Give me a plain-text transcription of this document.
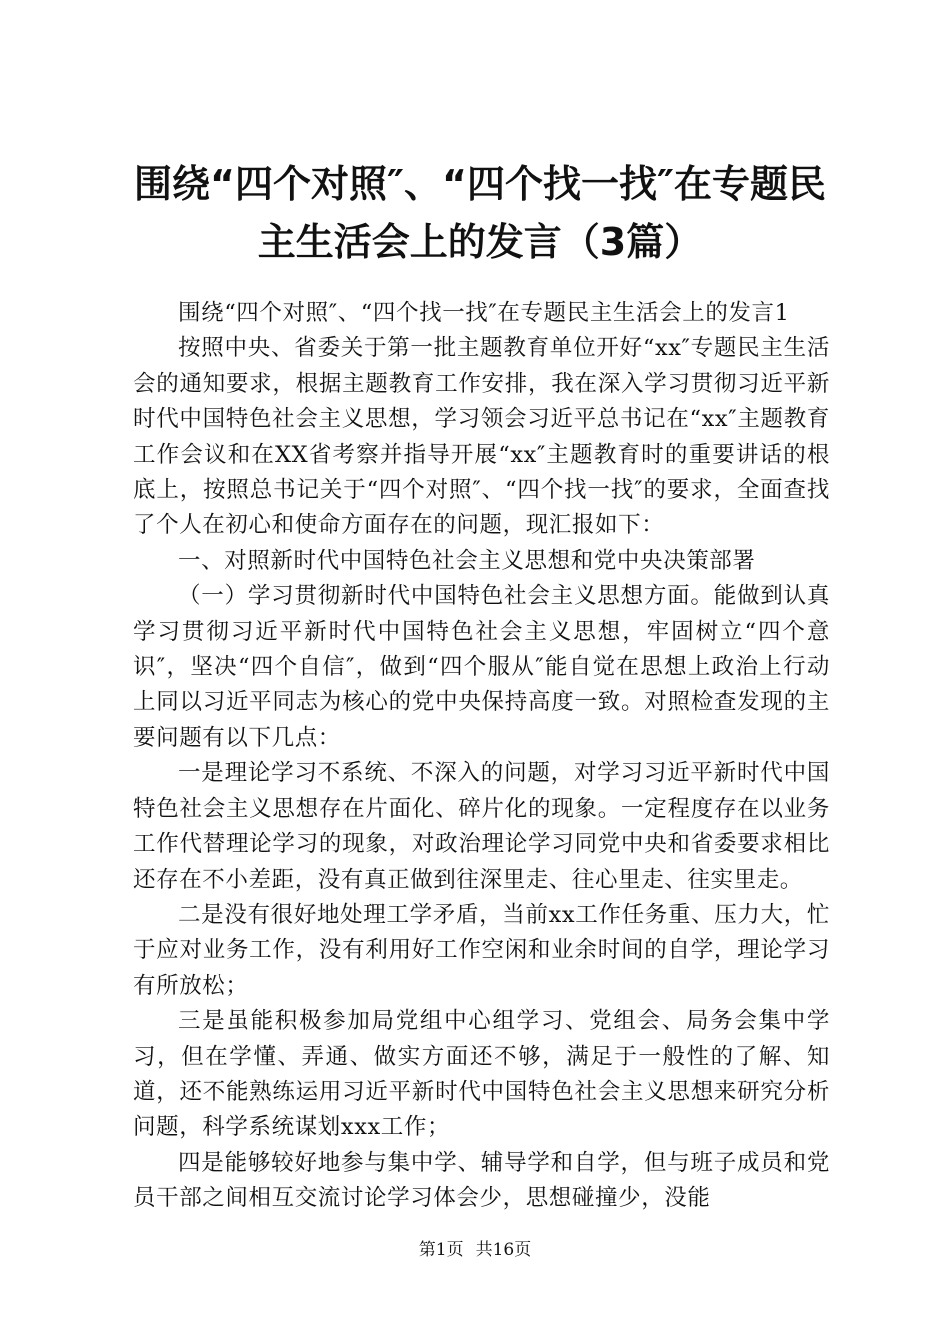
围绕“四个对照″、“四个找一找″在专题民
主生活会上的发言（3篇）

围绕“四个对照″、“四个找一找″在专题民主生活会上的发言1

按照中央、省委关于第一批主题教育单位开好“xx″专题民主生活会的通知要求，根据主题教育工作安排，我在深入学习贯彻习近平新时代中国特色社会主义思想，学习领会习近平总书记在“xx″主题教育工作会议和在XX省考察并指导开展“xx″主题教育时的重要讲话的根底上，按照总书记关于“四个对照″、“四个找一找″的要求，全面查找了个人在初心和使命方面存在的问题，现汇报如下：

一、对照新时代中国特色社会主义思想和党中央决策部署

（一）学习贯彻新时代中国特色社会主义思想方面。能做到认真学习贯彻习近平新时代中国特色社会主义思想，牢固树立“四个意识″，坚决“四个自信″，做到“四个服从″能自觉在思想上政治上行动上同以习近平同志为核心的党中央保持高度一致。对照检查发现的主要问题有以下几点：

一是理论学习不系统、不深入的问题，对学习习近平新时代中国特色社会主义思想存在片面化、碎片化的现象。一定程度存在以业务工作代替理论学习的现象，对政治理论学习同党中央和省委要求相比还存在不小差距，没有真正做到往深里走、往心里走、往实里走。

二是没有很好地处理工学矛盾，当前xx工作任务重、压力大，忙于应对业务工作，没有利用好工作空闲和业余时间的自学，理论学习有所放松；

三是虽能积极参加局党组中心组学习、党组会、局务会集中学习，但在学懂、弄通、做实方面还不够，满足于一般性的了解、知道，还不能熟练运用习近平新时代中国特色社会主义思想来研究分析问题，科学系统谋划xxx工作；

四是能够较好地参与集中学、辅导学和自学，但与班子成员和党员干部之间相互交流讨论学习体会少，思想碰撞少，没能

第1页 共16页
